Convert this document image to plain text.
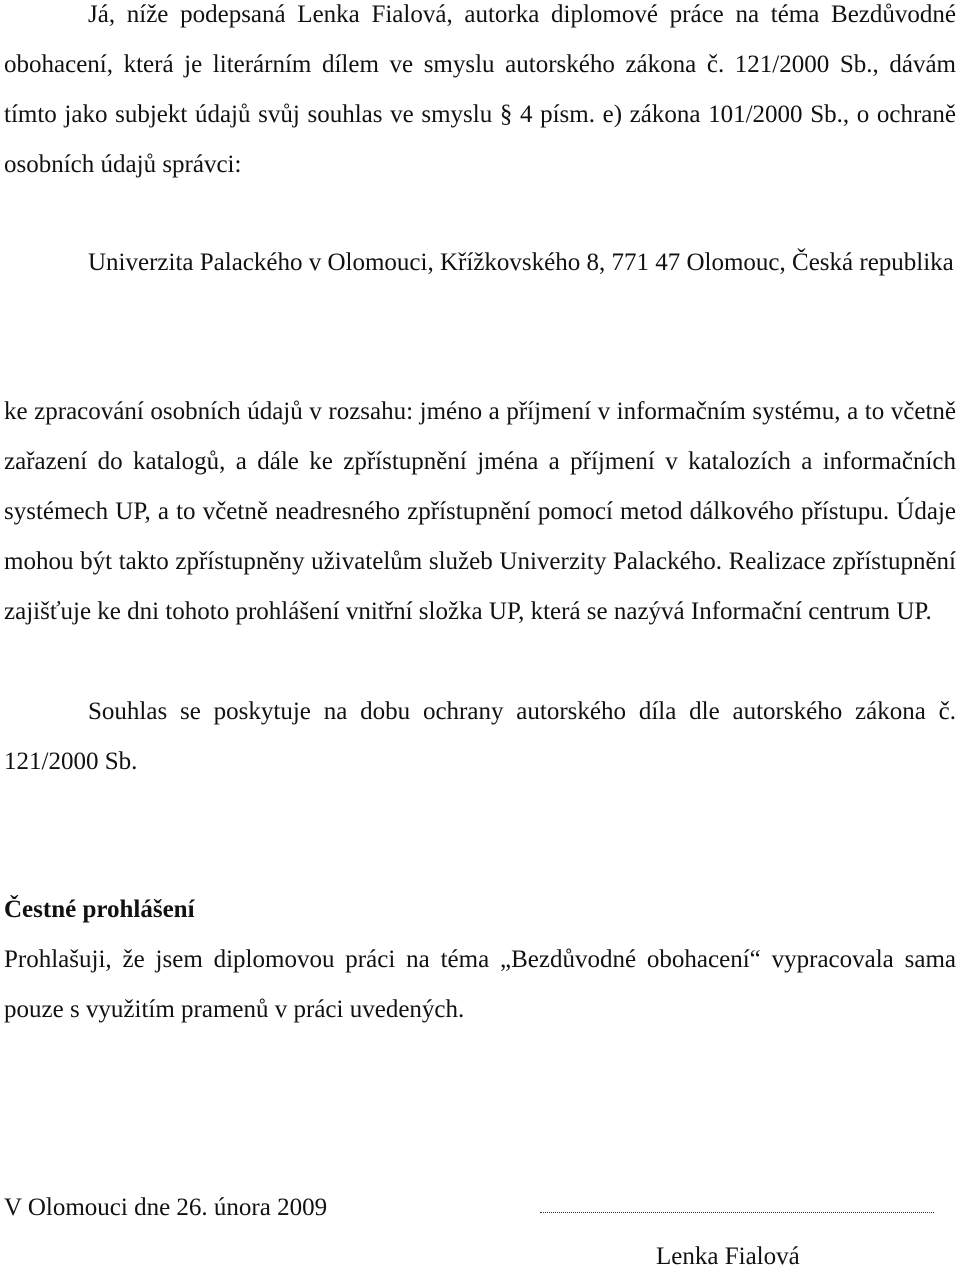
Já, níže podepsaná Lenka Fialová, autorka diplomové práce na téma Bezdůvodné obohacení, která je literárním dílem ve smyslu autorského zákona č. 121/2000 Sb., dávám tímto jako subjekt údajů svůj souhlas ve smyslu § 4 písm. e) zákona 101/2000 Sb., o ochraně osobních údajů správci:

Univerzita Palackého v Olomouci, Křížkovského 8, 771 47 Olomouc, Česká republika

ke zpracování osobních údajů v rozsahu: jméno a příjmení v informačním systému, a to včetně zařazení do katalogů, a dále ke zpřístupnění jména a příjmení v katalozích a informačních systémech UP, a to včetně neadresného zpřístupnění pomocí metod dálkového přístupu. Údaje mohou být takto zpřístupněny uživatelům služeb Univerzity Palackého. Realizace zpřístupnění zajišťuje ke dni tohoto prohlášení vnitřní složka UP, která se nazývá Informační centrum UP.

Souhlas se poskytuje na dobu ochrany autorského díla dle autorského zákona č. 121/2000 Sb.

Čestné prohlášení

Prohlašuji, že jsem diplomovou práci na téma „Bezdůvodné obohacení“ vypracovala sama pouze s využitím pramenů v práci uvedených.

V Olomouci dne 26. února 2009
Lenka Fialová
